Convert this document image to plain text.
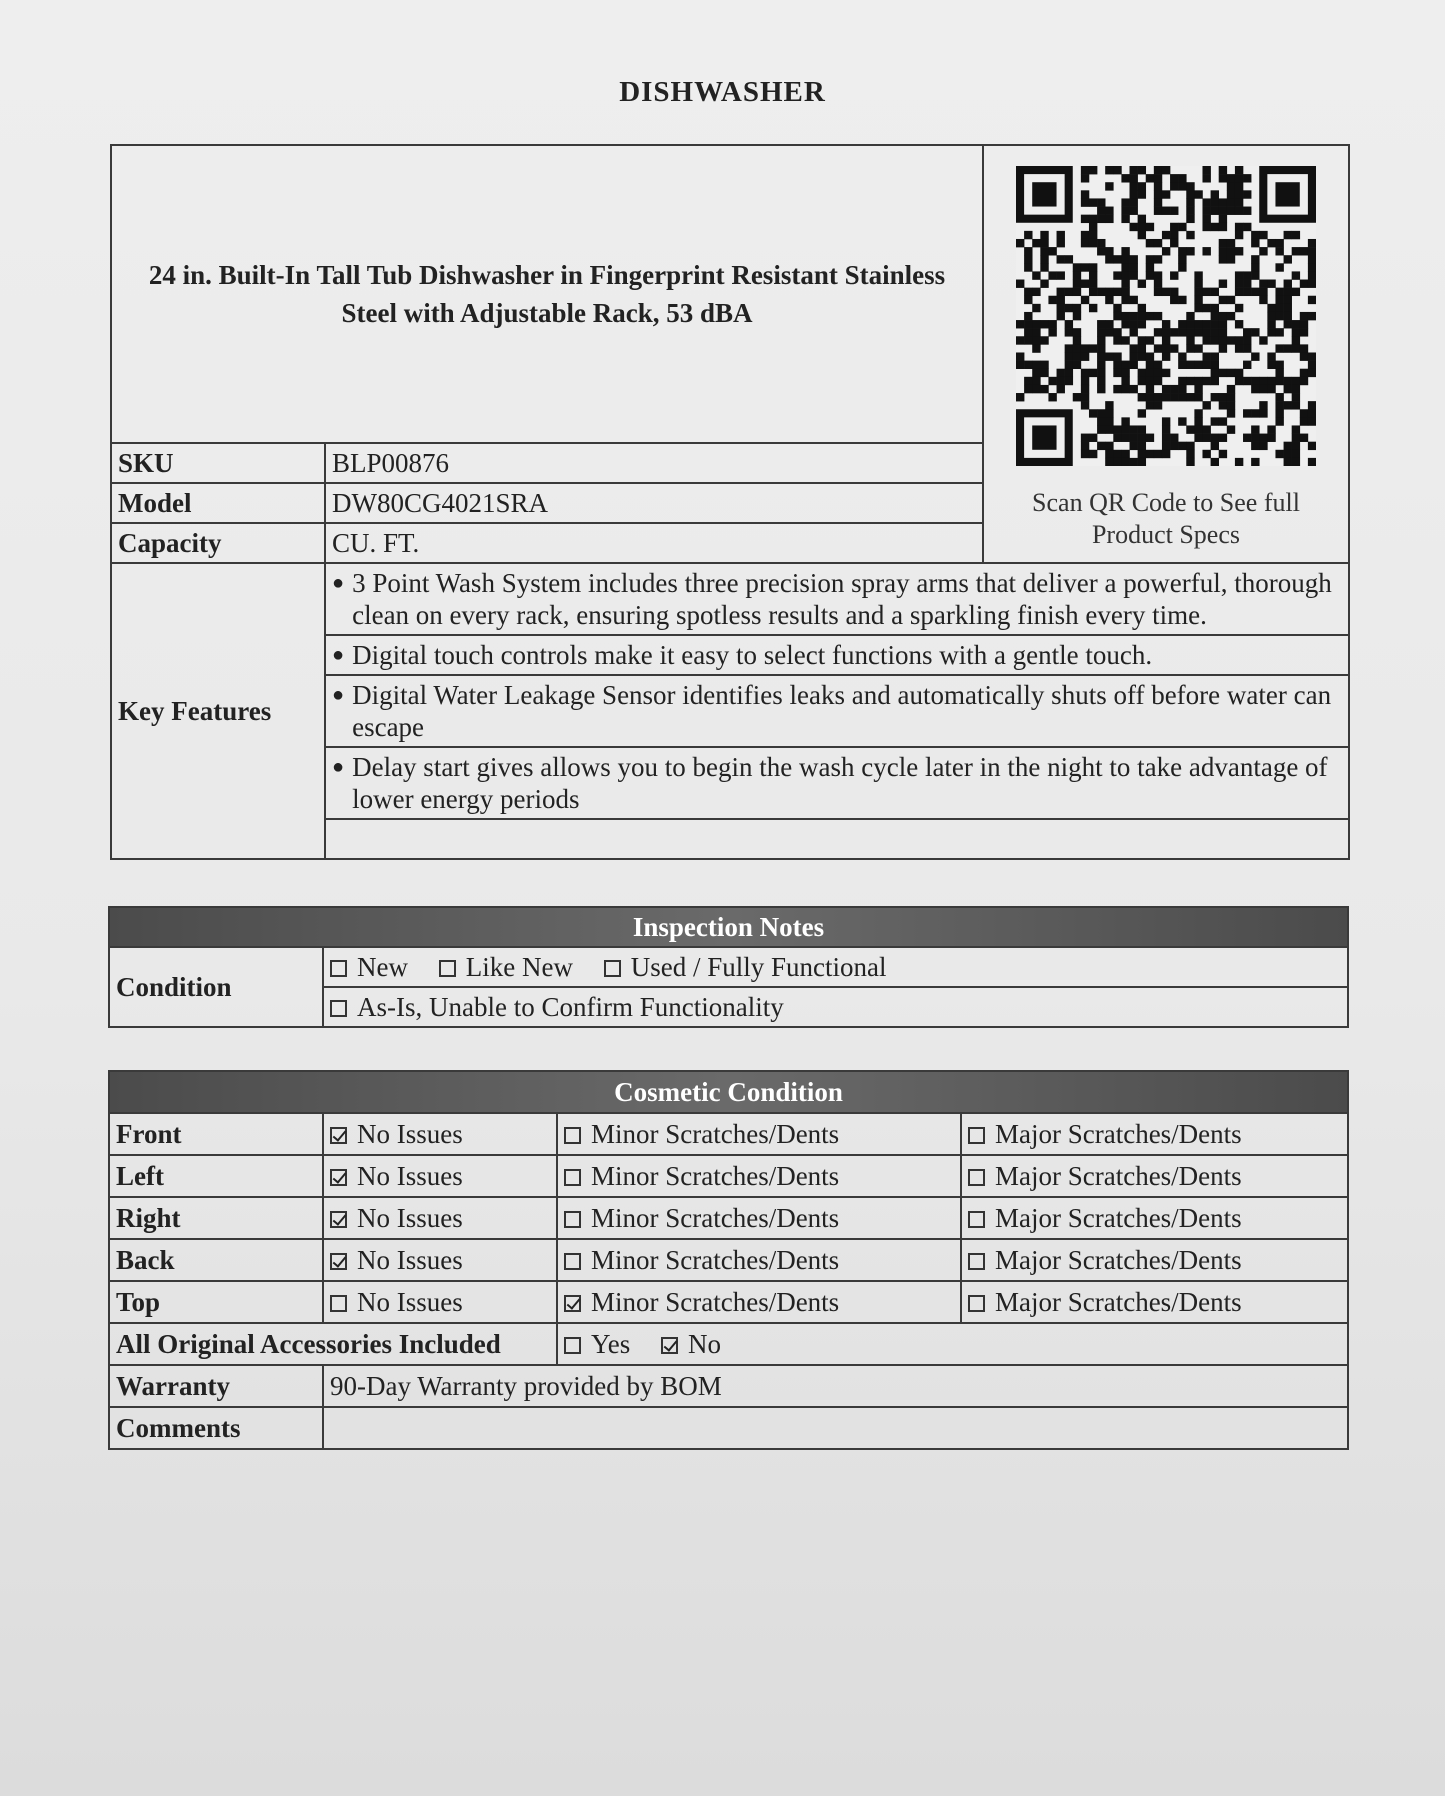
DISHWASHER
24 in. Built-In Tall Tub Dishwasher in Fingerprint Resistant Stainless Steel with Adjustable Rack, 53 dBA		Scan QR Code to See full Product Specs

SKU	BLP00876	
Model	DW80CG4021SRA	
Capacity	CU. FT.	
Key Features	● 3 Point Wash System includes three precision spray arms that deliver a powerful, thorough clean on every rack, ensuring spotless results and a sparkling finish every time.	

	● Digital touch controls make it easy to select functions with a gentle touch.	

	● Digital Water Leakage Sensor identifies leaks and automatically shuts off before water can escape	

	● Delay start gives allows you to begin the wash cycle later in the night to take advantage of lower energy periods	

Inspection Notes
Condition	New Like New Used / Fully Functional
As-Is, Unable to Confirm Functionality
Cosmetic Condition			
Front	No Issues	Minor Scratches/Dents	Major Scratches/Dents
Left	No Issues	Minor Scratches/Dents	Major Scratches/Dents
Right	No Issues	Minor Scratches/Dents	Major Scratches/Dents
Back	No Issues	Minor Scratches/Dents	Major Scratches/Dents
Top	No Issues	Minor Scratches/Dents	Major Scratches/Dents
All Original Accessories Included		Yes No	
Warranty	90-Day Warranty provided by BOM		
Comments			
